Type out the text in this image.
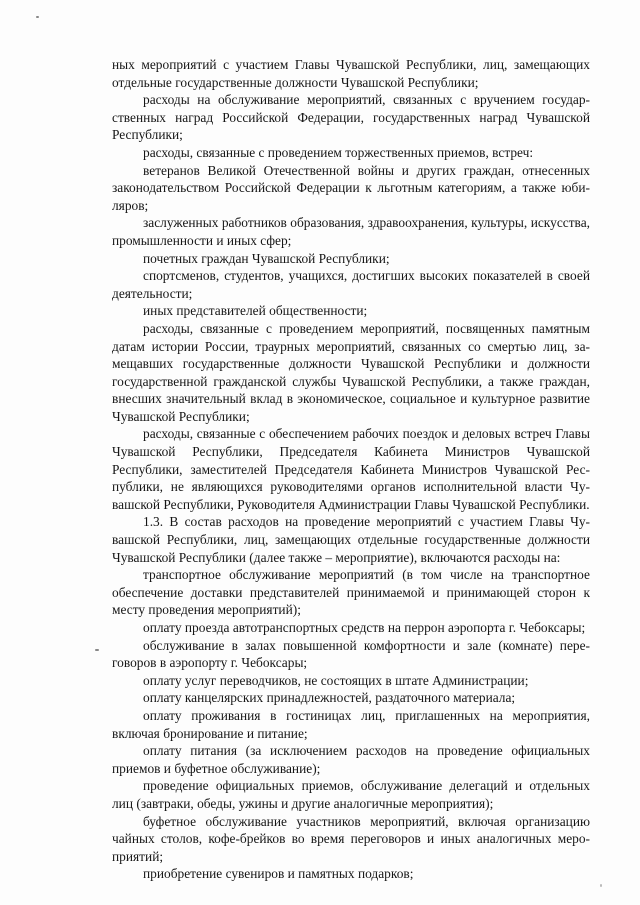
ных мероприятий с участием Главы Чувашской Республики, лиц, замещающих отдельные государственные должности Чувашской Республики;

расходы на обслуживание мероприятий, связанных с вручением государственных наград Российской Федерации, государственных наград Чувашской Республики;

расходы, связанные с проведением торжественных приемов, встреч:

ветеранов Великой Отечественной войны и других граждан, отнесенных законодательством Российской Федерации к льготным категориям, а также юбиляров;

заслуженных работников образования, здравоохранения, культуры, искусства, промышленности и иных сфер;

почетных граждан Чувашской Республики;

спортсменов, студентов, учащихся, достигших высоких показателей в своей деятельности;

иных представителей общественности;

расходы, связанные с проведением мероприятий, посвященных памятным датам истории России, траурных мероприятий, связанных со смертью лиц, замещавших государственные должности Чувашской Республики и должности государственной гражданской службы Чувашской Республики, а также граждан, внесших значительный вклад в экономическое, социальное и культурное развитие Чувашской Республики;

расходы, связанные с обеспечением рабочих поездок и деловых встреч Главы Чувашской Республики, Председателя Кабинета Министров Чувашской Республики, заместителей Председателя Кабинета Министров Чувашской Республики, не являющихся руководителями органов исполнительной власти Чувашской Республики, Руководителя Администрации Главы Чувашской Республики.

1.3. В состав расходов на проведение мероприятий с участием Главы Чувашской Республики, лиц, замещающих отдельные государственные должности Чувашской Республики (далее также – мероприятие), включаются расходы на:

транспортное обслуживание мероприятий (в том числе на транспортное обеспечение доставки представителей принимаемой и принимающей сторон к месту проведения мероприятий);

оплату проезда автотранспортных средств на перрон аэропорта г. Чебоксары;

обслуживание в залах повышенной комфортности и зале (комнате) переговоров в аэропорту г. Чебоксары;

оплату услуг переводчиков, не состоящих в штате Администрации;

оплату канцелярских принадлежностей, раздаточного материала;

оплату проживания в гостиницах лиц, приглашенных на мероприятия, включая бронирование и питание;

оплату питания (за исключением расходов на проведение официальных приемов и буфетное обслуживание);

проведение официальных приемов, обслуживание делегаций и отдельных лиц (завтраки, обеды, ужины и другие аналогичные мероприятия);

буфетное обслуживание участников мероприятий, включая организацию чайных столов, кофе-брейков во время переговоров и иных аналогичных мероприятий;

приобретение сувениров и памятных подарков;
